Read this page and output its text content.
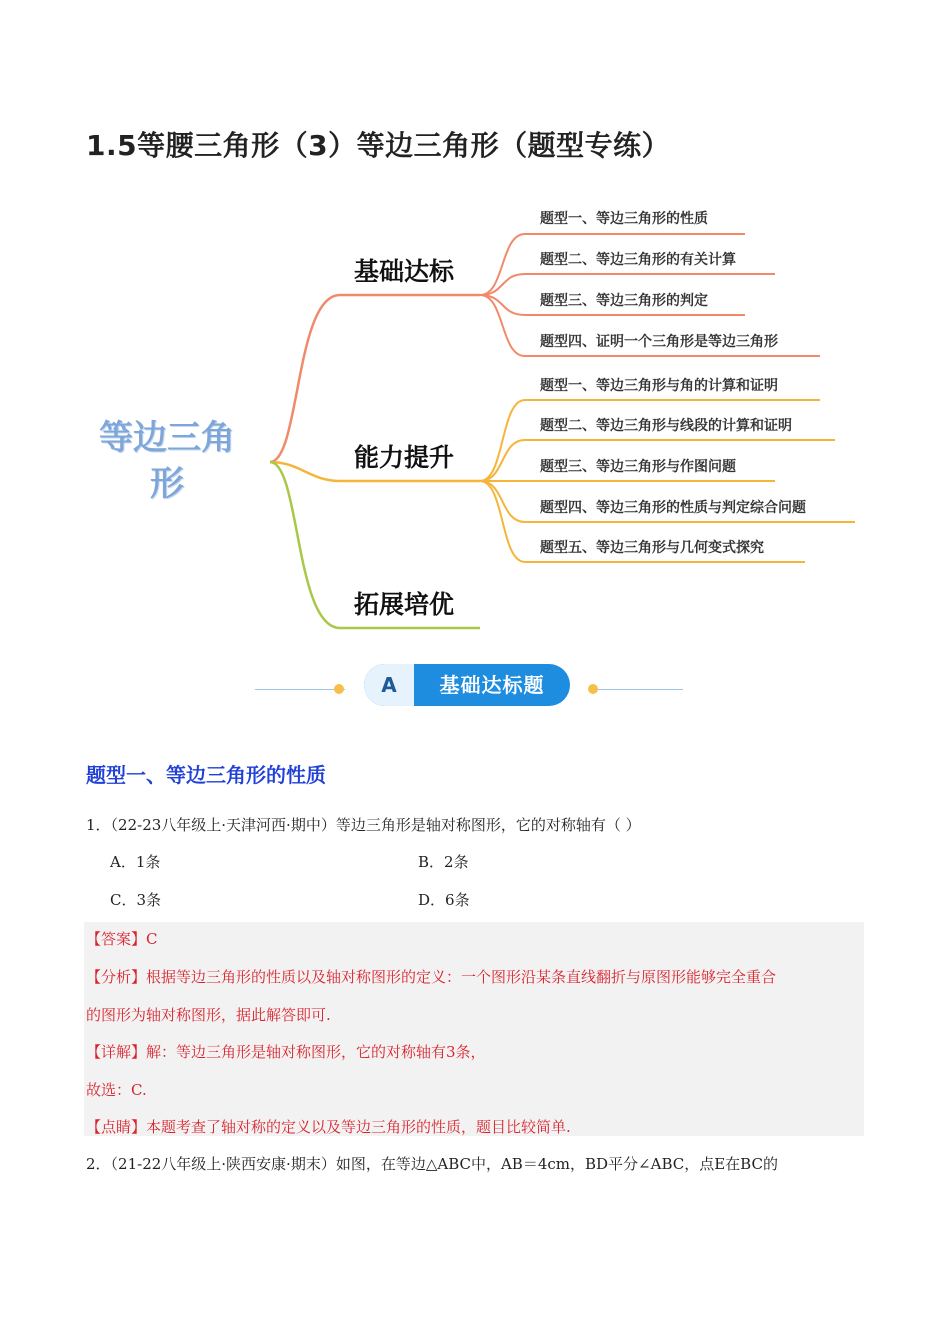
1.5等腰三角形（3）等边三角形（题型专练）
等边三角
形
基础达标
能力提升
拓展培优
题型一、等边三角形的性质
题型二、等边三角形的有关计算
题型三、等边三角形的判定
题型四、证明一个三角形是等边三角形
题型一、等边三角形与角的计算和证明
题型二、等边三角形与线段的计算和证明
题型三、等边三角形与作图问题
题型四、等边三角形的性质与判定综合问题
题型五、等边三角形与几何变式探究
A	基础达标题
题型一、等边三角形的性质
1．（22-23八年级上·天津河西·期中）等边三角形是轴对称图形，它的对称轴有（ ）
A．1条	B．2条
C．3条	D．6条
【答案】C
【分析】根据等边三角形的性质以及轴对称图形的定义：一个图形沿某条直线翻折与原图形能够完全重合
的图形为轴对称图形，据此解答即可.
【详解】解：等边三角形是轴对称图形，它的对称轴有3条，
故选：C.
【点睛】本题考查了轴对称的定义以及等边三角形的性质，题目比较简单.
2．（21-22八年级上·陕西安康·期末）如图，在等边△ABC中，AB＝4cm，BD平分∠ABC，点E在BC的
